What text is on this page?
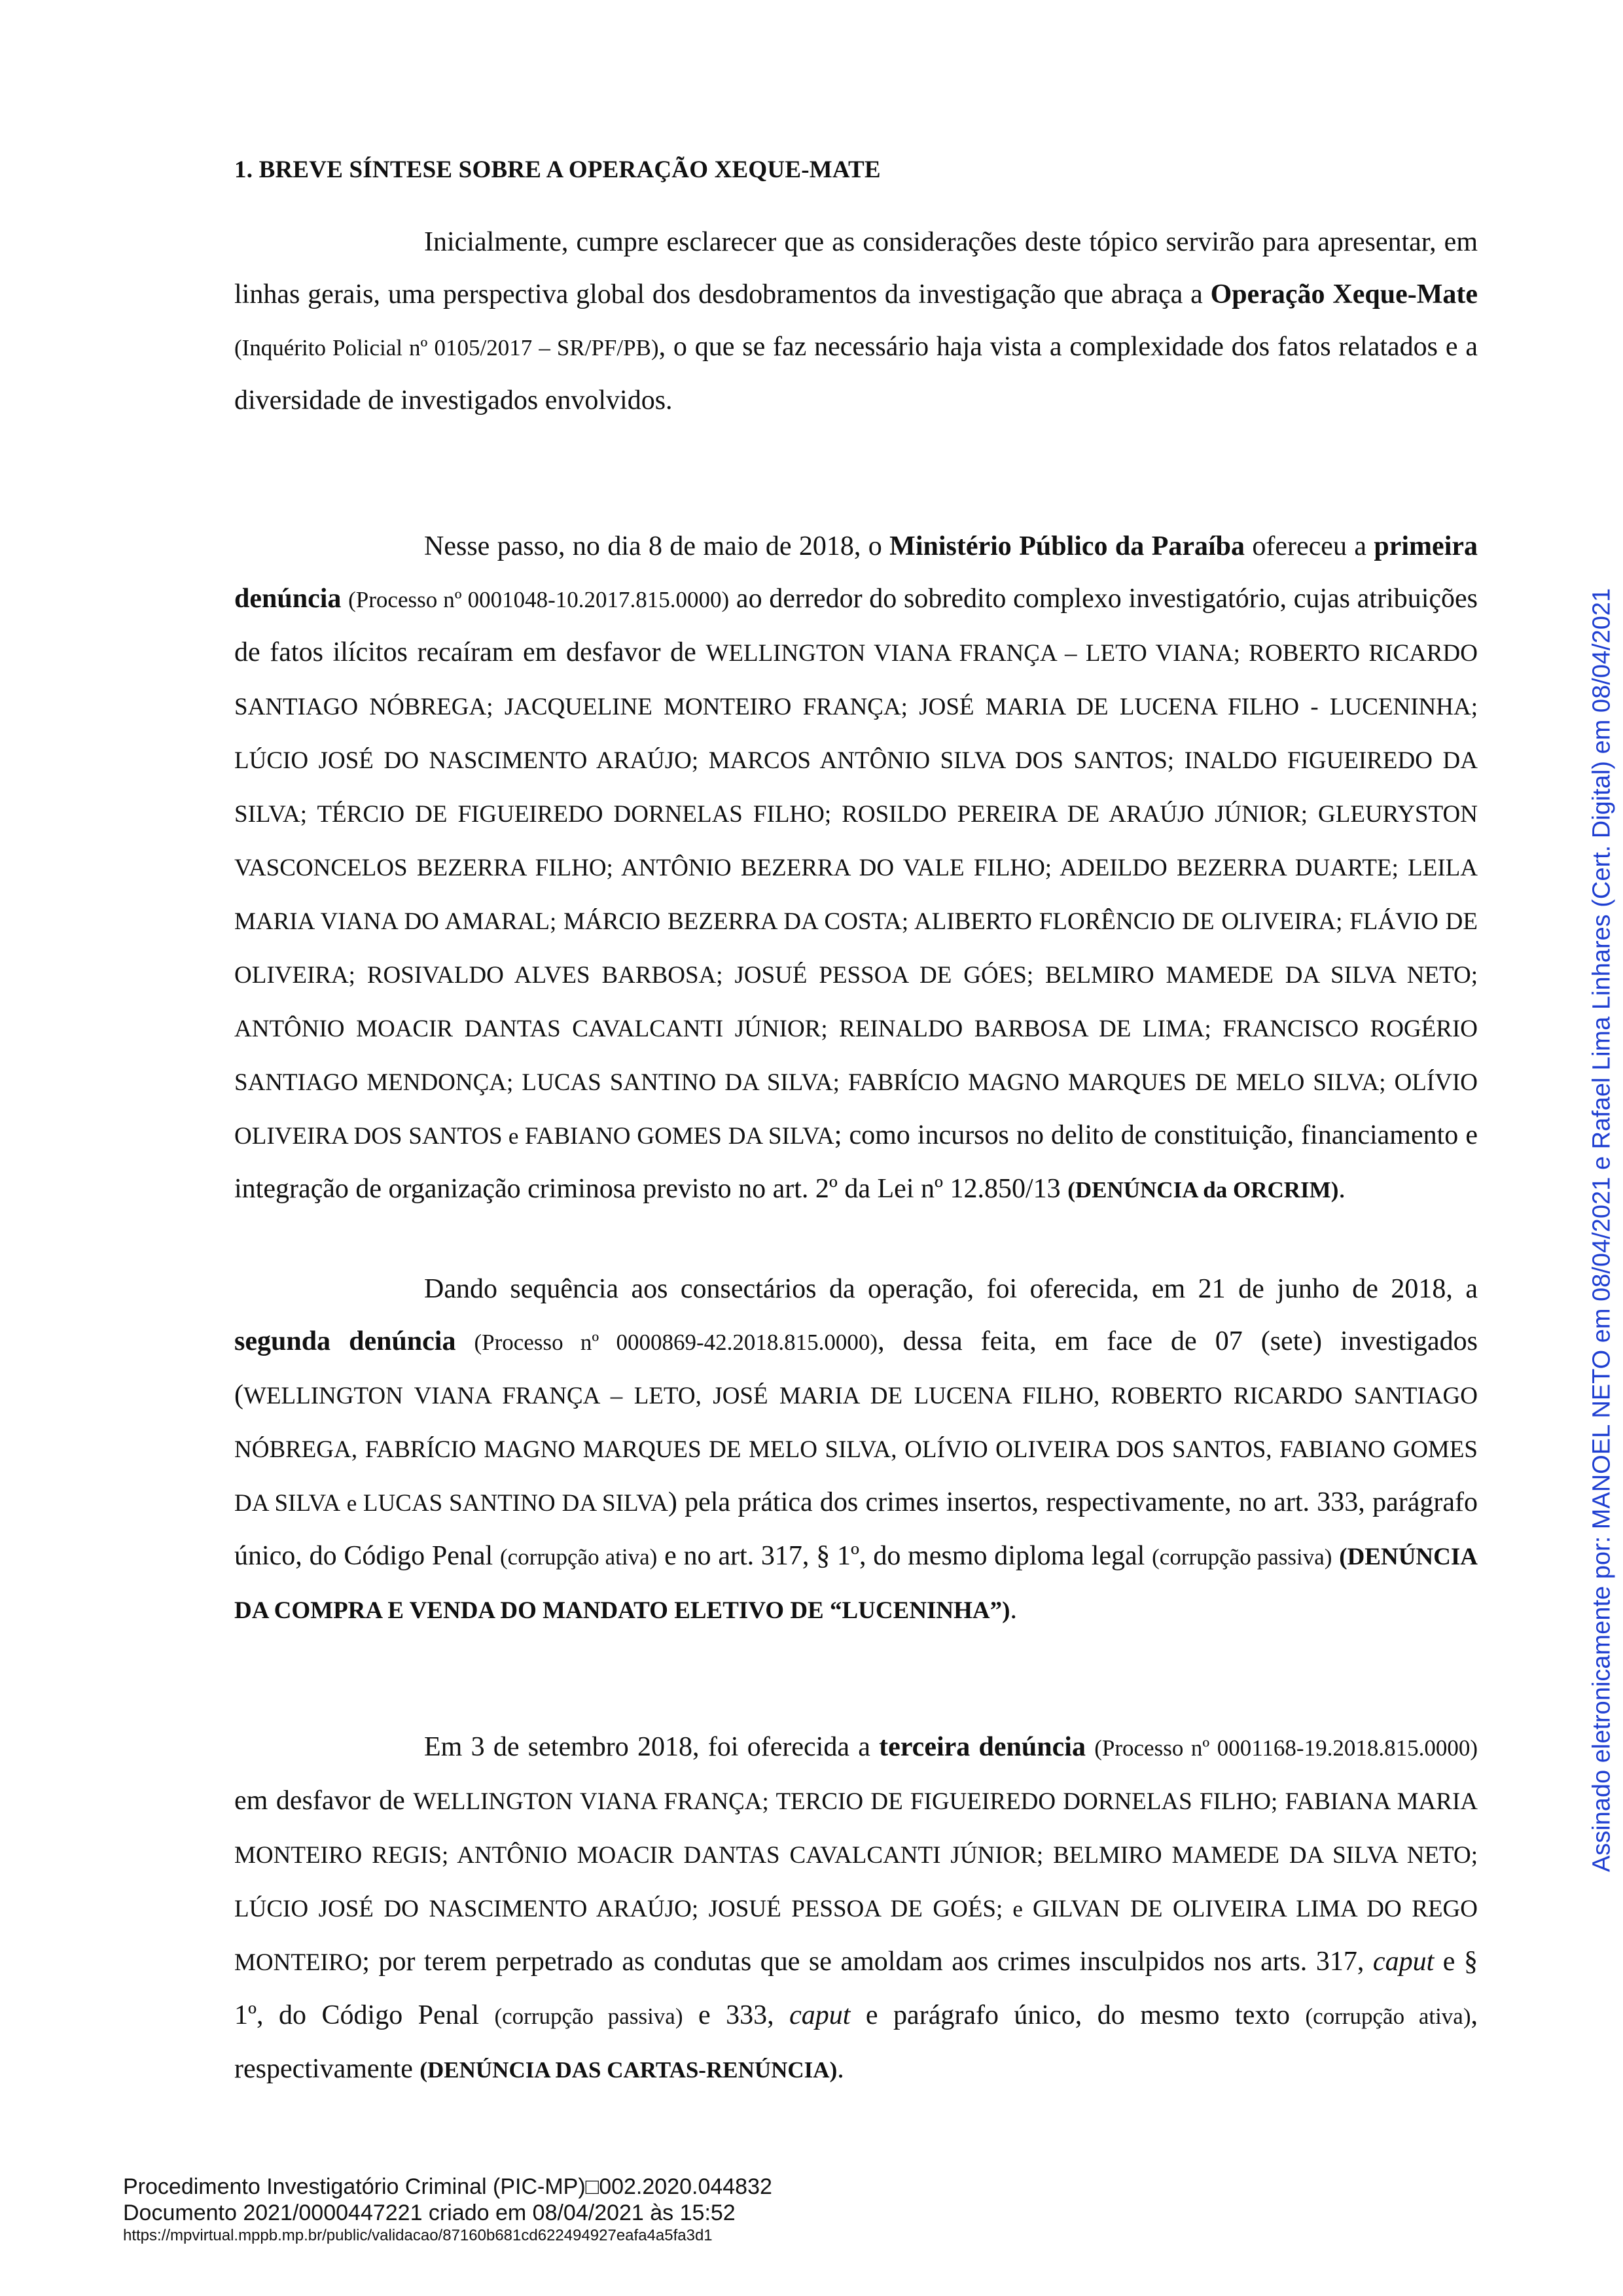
1. BREVE SÍNTESE SOBRE A OPERAÇÃO XEQUE-MATE

Inicialmente, cumpre esclarecer que as considerações deste tópico servirão para apresentar, em linhas gerais, uma perspectiva global dos desdobramentos da investigação que abraça a Operação Xeque-Mate (Inquérito Policial nº 0105/2017 – SR/PF/PB), o que se faz necessário haja vista a complexidade dos fatos relatados e a diversidade de investigados envolvidos.

Nesse passo, no dia 8 de maio de 2018, o Ministério Público da Paraíba ofereceu a primeira denúncia (Processo nº 0001048-10.2017.815.0000) ao derredor do sobredito complexo investigatório, cujas atribuições de fatos ilícitos recaíram em desfavor de WELLINGTON VIANA FRANÇA – LETO VIANA; ROBERTO RICARDO SANTIAGO NÓBREGA; JACQUELINE MONTEIRO FRANÇA; JOSÉ MARIA DE LUCENA FILHO - LUCENINHA; LÚCIO JOSÉ DO NASCIMENTO ARAÚJO; MARCOS ANTÔNIO SILVA DOS SANTOS; INALDO FIGUEIREDO DA SILVA; TÉRCIO DE FIGUEIREDO DORNELAS FILHO; ROSILDO PEREIRA DE ARAÚJO JÚNIOR; GLEURYSTON VASCONCELOS BEZERRA FILHO; ANTÔNIO BEZERRA DO VALE FILHO; ADEILDO BEZERRA DUARTE; LEILA MARIA VIANA DO AMARAL; MÁRCIO BEZERRA DA COSTA; ALIBERTO FLORÊNCIO DE OLIVEIRA; FLÁVIO DE OLIVEIRA; ROSIVALDO ALVES BARBOSA; JOSUÉ PESSOA DE GÓES; BELMIRO MAMEDE DA SILVA NETO; ANTÔNIO MOACIR DANTAS CAVALCANTI JÚNIOR; REINALDO BARBOSA DE LIMA; FRANCISCO ROGÉRIO SANTIAGO MENDONÇA; LUCAS SANTINO DA SILVA; FABRÍCIO MAGNO MARQUES DE MELO SILVA; OLÍVIO OLIVEIRA DOS SANTOS e FABIANO GOMES DA SILVA; como incursos no delito de constituição, financiamento e integração de organização criminosa previsto no art. 2º da Lei nº 12.850/13 (DENÚNCIA da ORCRIM).

Dando sequência aos consectários da operação, foi oferecida, em 21 de junho de 2018, a segunda denúncia (Processo nº 0000869-42.2018.815.0000), dessa feita, em face de 07 (sete) investigados (WELLINGTON VIANA FRANÇA – LETO, JOSÉ MARIA DE LUCENA FILHO, ROBERTO RICARDO SANTIAGO NÓBREGA, FABRÍCIO MAGNO MARQUES DE MELO SILVA, OLÍVIO OLIVEIRA DOS SANTOS, FABIANO GOMES DA SILVA e LUCAS SANTINO DA SILVA) pela prática dos crimes insertos, respectivamente, no art. 333, parágrafo único, do Código Penal (corrupção ativa) e no art. 317, § 1º, do mesmo diploma legal (corrupção passiva) (DENÚNCIA DA COMPRA E VENDA DO MANDATO ELETIVO DE “LUCENINHA”).

Em 3 de setembro 2018, foi oferecida a terceira denúncia (Processo nº 0001168-19.2018.815.0000) em desfavor de WELLINGTON VIANA FRANÇA; TERCIO DE FIGUEIREDO DORNELAS FILHO; FABIANA MARIA MONTEIRO REGIS; ANTÔNIO MOACIR DANTAS CAVALCANTI JÚNIOR; BELMIRO MAMEDE DA SILVA NETO; LÚCIO JOSÉ DO NASCIMENTO ARAÚJO; JOSUÉ PESSOA DE GOÉS; e GILVAN DE OLIVEIRA LIMA DO REGO MONTEIRO; por terem perpetrado as condutas que se amoldam aos crimes insculpidos nos arts. 317, caput e § 1º, do Código Penal (corrupção passiva) e 333, caput e parágrafo único, do mesmo texto (corrupção ativa), respectivamente (DENÚNCIA DAS CARTAS-RENÚNCIA).

Assinado eletronicamente por: MANOEL NETO em 08/04/2021 e Rafael Lima Linhares (Cert. Digital) em 08/04/2021
Procedimento Investigatório Criminal (PIC-MP)□002.2020.044832
Documento 2021/0000447221 criado em 08/04/2021 às 15:52
https://mpvirtual.mppb.mp.br/public/validacao/87160b681cd622494927eafa4a5fa3d1
